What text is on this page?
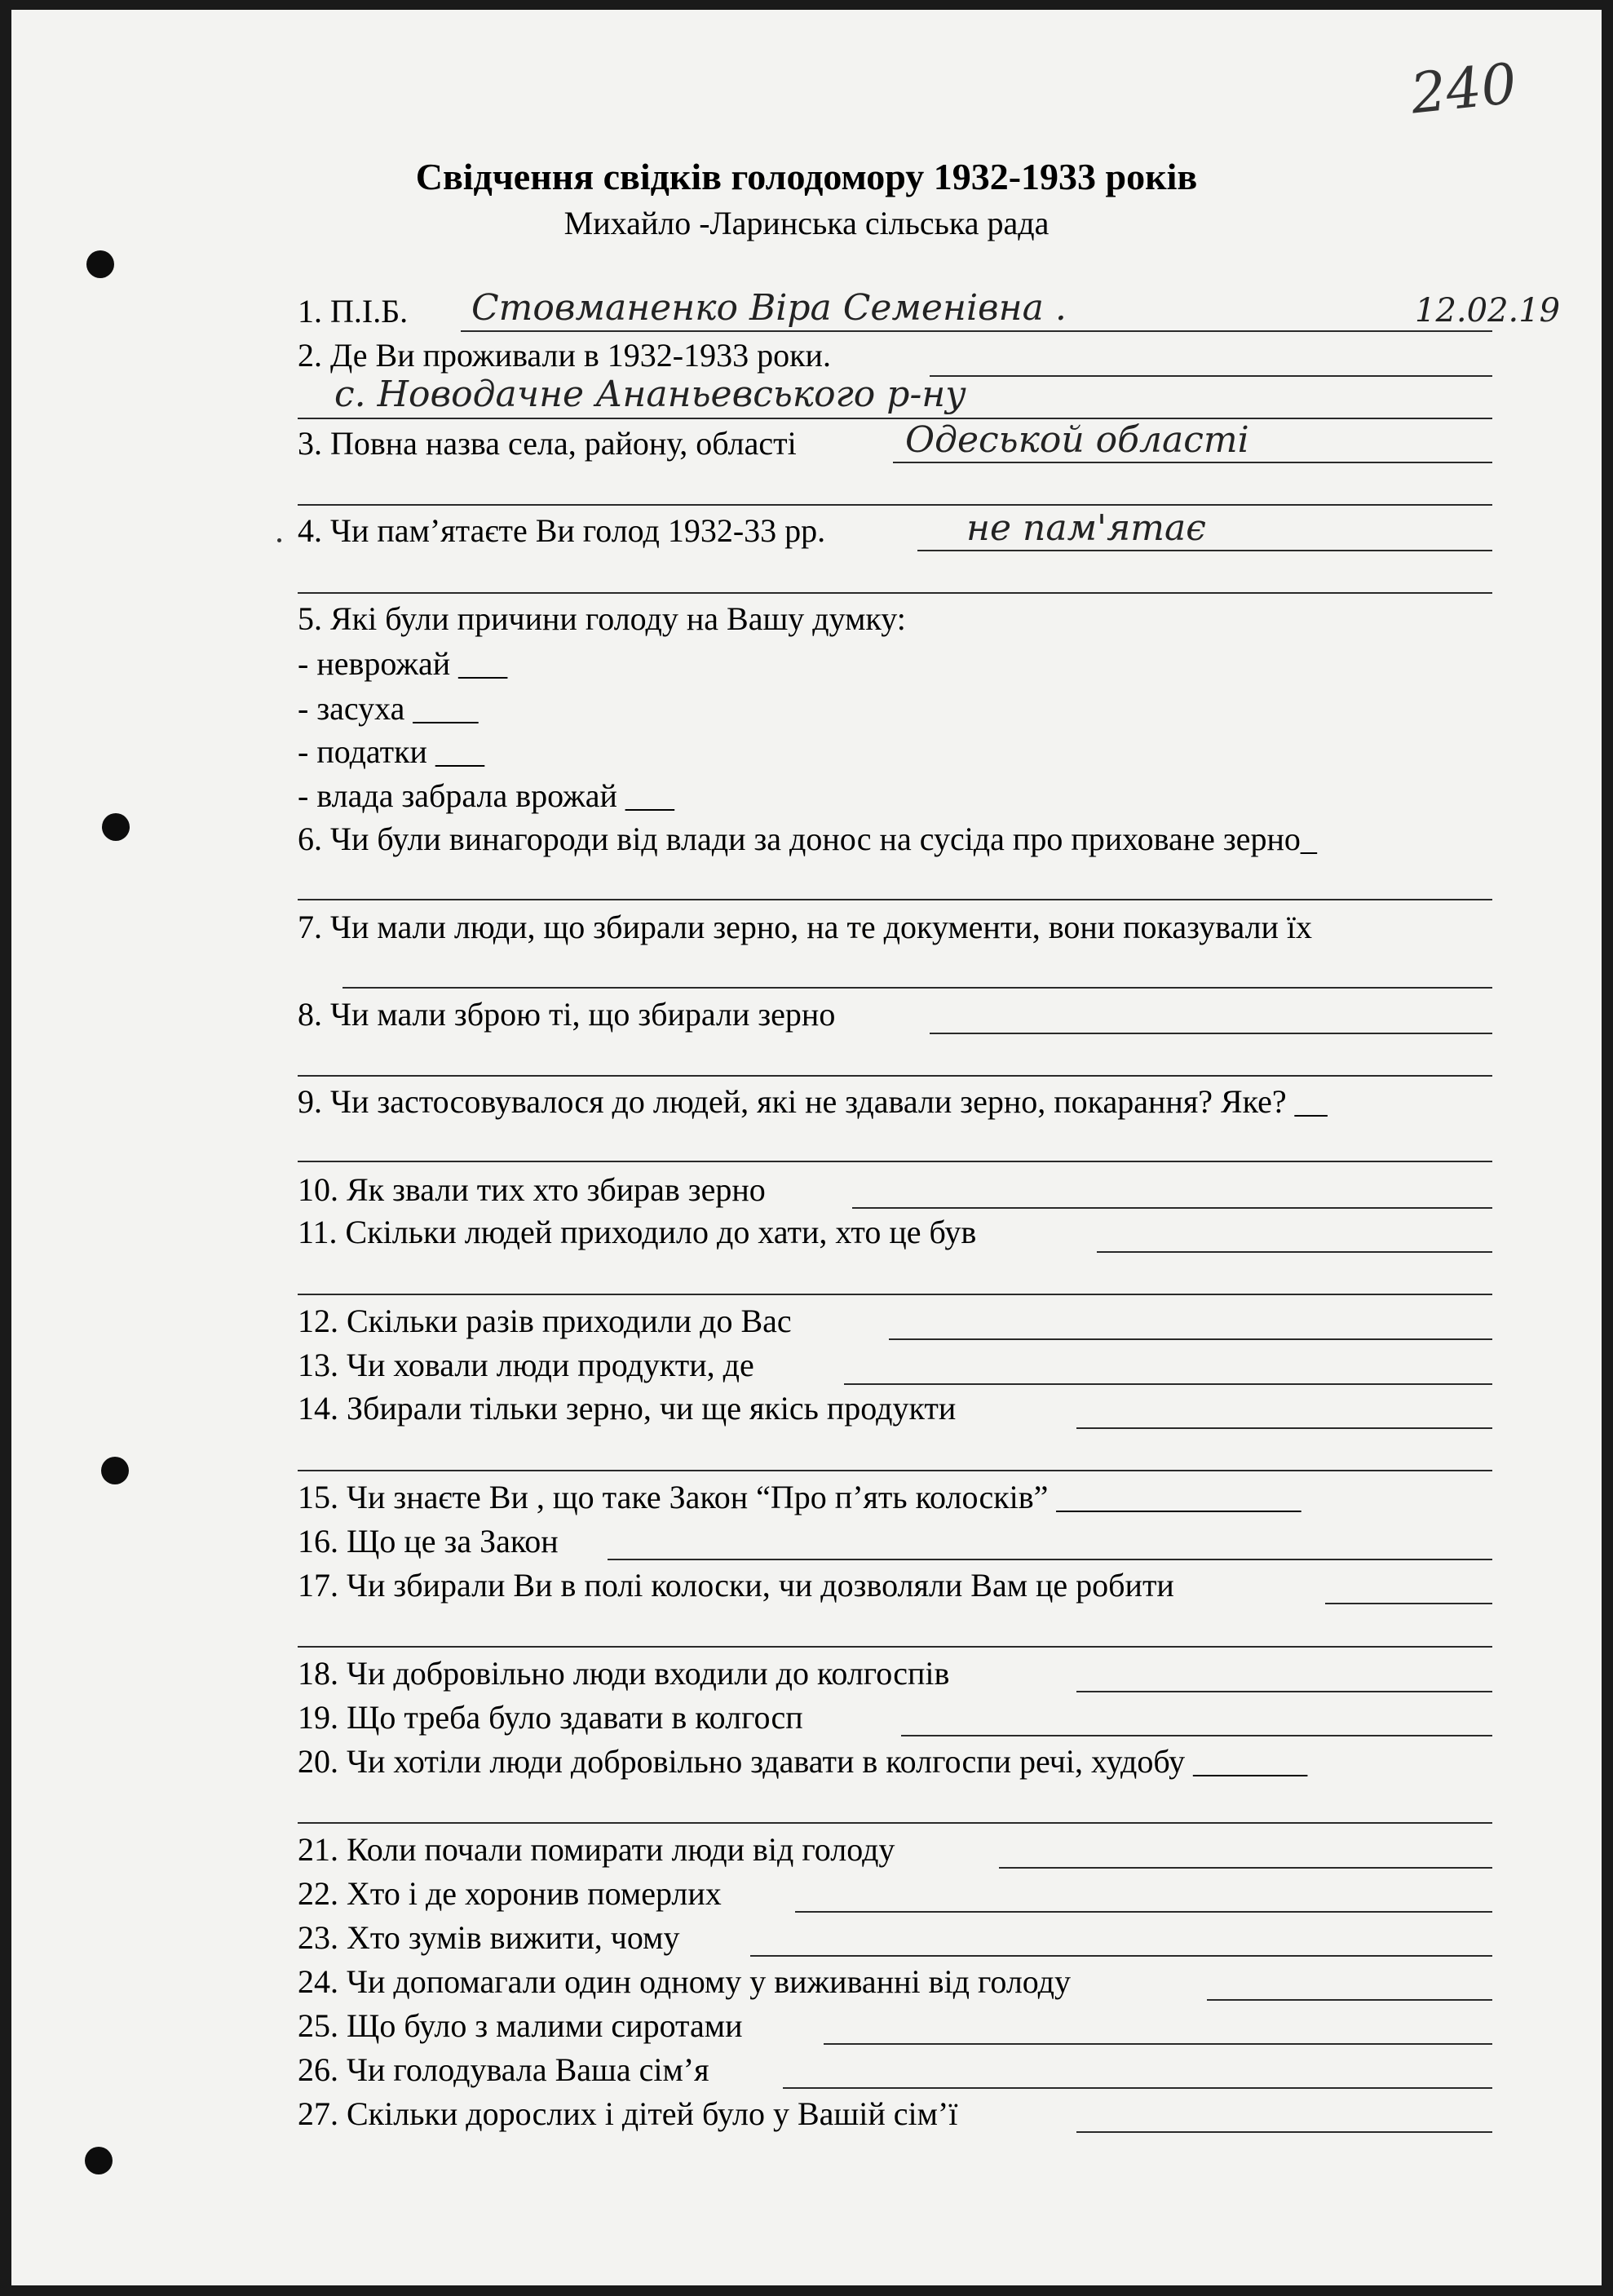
240
Свідчення свідків голодомору 1932-1933 років
Михайло -Ларинська сільська рада
1. П.І.Б. Стовманенко Віра Семенівна .	12.02.19
2. Де Ви проживали в 1932-1933 роки.
с. Новодачне Ананьевського р-ну
3. Повна назва села, району, області	Одеськой області
4. Чи пам’ятаєте Ви голод 1932-33 рр.	не пам'ятає
5. Які були причини голоду на Вашу думку:
- неврожай ___
- засуха ____
- податки ___
- влада забрала врожай ___
6. Чи були винагороди від влади за донос на сусіда про приховане зерно_
7. Чи мали люди, що збирали зерно, на те документи, вони показували їх
8. Чи мали зброю ті, що збирали зерно
9. Чи застосовувалося до людей, які не здавали зерно, покарання? Яке? __
10. Як звали тих хто збирав зерно
11. Скільки людей приходило до хати, хто це був
12. Скільки разів приходили до Вас
13. Чи ховали люди продукти, де
14. Збирали тільки зерно, чи ще якісь продукти
15. Чи знаєте Ви , що таке Закон “Про п’ять колосків” _______________
16. Що це за Закон
17. Чи збирали Ви в полі колоски, чи дозволяли Вам це робити
18. Чи добровільно люди входили до колгоспів
19. Що треба було здавати в колгосп
20. Чи хотіли люди добровільно здавати в колгоспи речі, худобу _______
21. Коли почали помирати люди від голоду
22. Хто і де хоронив померлих
23. Хто зумів вижити, чому
24. Чи допомагали один одному у виживанні від голоду
25. Що було з малими сиротами
26. Чи голодувала Ваша сім’я
27. Скільки дорослих і дітей було у Вашій сім’ї
